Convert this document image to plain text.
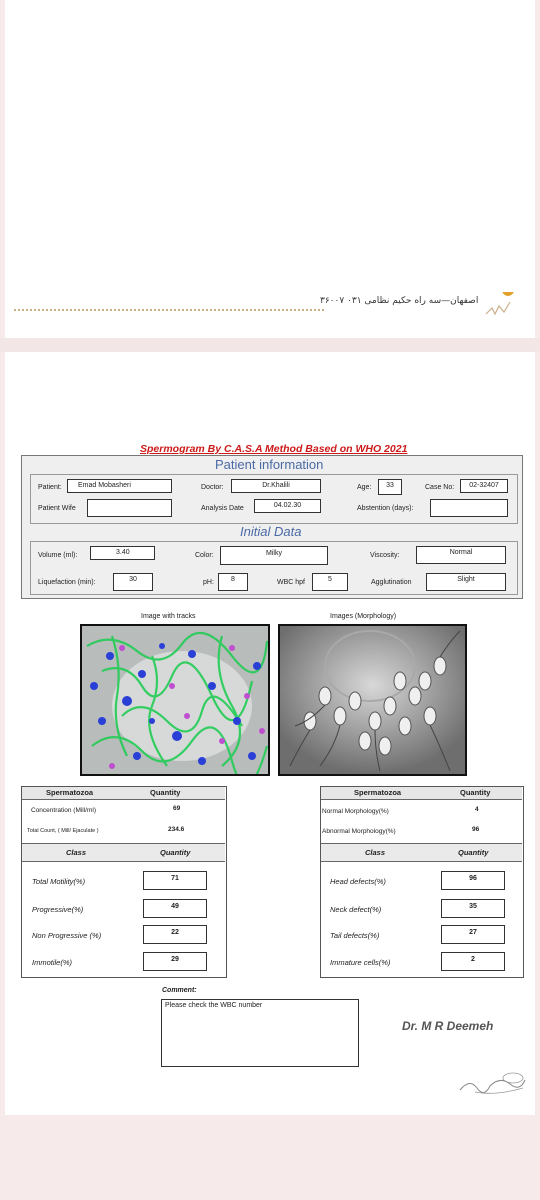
اصفهان—سه راه حکیم نظامی ۰۳۱ ۳۶۰۰۷
Spermogram By C.A.S.A Method Based on WHO 2021
Patient information
Patient:	Emad Mobasheri	Doctor:	Dr.Khalili	Age:	33	Case No:	02-32407
Patient Wife	Analysis Date	04.02.30	Abstention (days):
Initial Data
Volume (ml):	3.40	Color:	Milky	Viscosity:	Normal
Liquefaction (min):	30	pH:	8	WBC hpf	5	Agglutination	Slight
Image with tracks	Images (Morphology)
Spermatozoa	Quantity
Concentration (Mill/ml)	69
Total Count, ( Mill/ Ejaculate )	234.6
Class	Quantity
Total Motility(%)	71
Progressive(%)	49
Non Progressive (%)	22
Immotile(%)	29
Spermatozoa	Quantity
Normal Morphology(%)	4
Abnormal Morphology(%)	96
Class	Quantity
Head defects(%)	96
Neck defect(%)	35
Tail defects(%)	27
Immature cells(%)	2
Comment:
Please check the WBC number
Dr. M R Deemeh
